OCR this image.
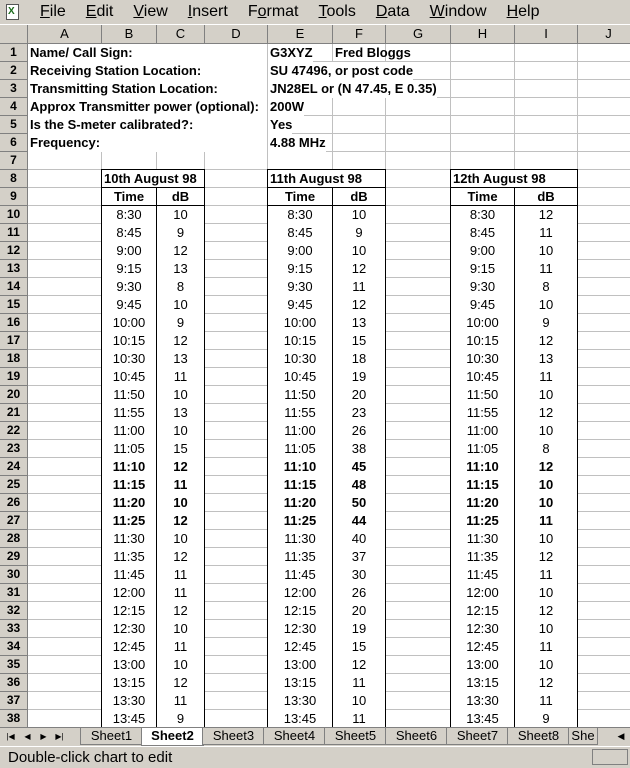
X	File	Edit	View	Insert	Format	Tools	Data	Window	Help
A	B	C	D	E	F	G	H	I	J
1
2
3
4
5
6
7
8
9
10
11
12
13
14
15
16
17
18
19
20
21
22
23
24
25
26
27
28
29
30
31
32
33
34
35
36
37
38
Name/ Call Sign:	G3XYZ Fred Bloggs
Receiving Station Location:	SU 47496, or post code
Transmitting Station Location:	JN28EL or (N 47.45, E 0.35)
Approx Transmitter power (optional): 200W
Is the S-meter calibrated?:	Yes
Frequency:	4.88 MHz
10th August 98
Time	dB
8:30	10
8:45	9
9:00	12
9:15	13
9:30	8
9:45	10
10:00	9
10:15	12
10:30	13
10:45	11
11:50	10
11:55	13
11:00	10
11:05	15
11:10	12
11:15	11
11:20	10
11:25	12
11:30	10
11:35	12
11:45	11
12:00	11
12:15	12
12:30	10
12:45	11
13:00	10
13:15	12
13:30	11
13:45	9
11th August 98
Time	dB
8:30	10
8:45	9
9:00	10
9:15	12
9:30	11
9:45	12
10:00	13
10:15	15
10:30	18
10:45	19
11:50	20
11:55	23
11:00	26
11:05	38
11:10	45
11:15	48
11:20	50
11:25	44
11:30	40
11:35	37
11:45	30
12:00	26
12:15	20
12:30	19
12:45	15
13:00	12
13:15	11
13:30	10
13:45	11
12th August 98
Time	dB
8:30	12
8:45	11
9:00	10
9:15	11
9:30	8
9:45	10
10:00	9
10:15	12
10:30	13
10:45	11
11:50	10
11:55	12
11:00	10
11:05	8
11:10	12
11:15	10
11:20	10
11:25	11
11:30	10
11:35	12
11:45	11
12:00	10
12:15	12
12:30	10
12:45	11
13:00	10
13:15	12
13:30	11
13:45	9
|◀	◀	▶	▶|	Sheet1	Sheet2	Sheet3	Sheet4	Sheet5	Sheet6	Sheet7	Sheet8 She	◀
Double-click chart to edit
